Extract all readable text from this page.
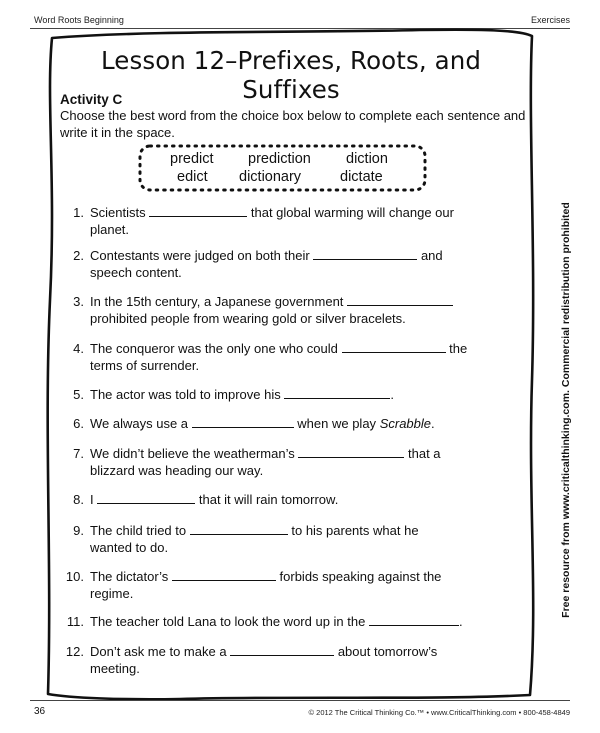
Word Roots Beginning	Exercises
Lesson 12–Prefixes, Roots, and Suffixes
Activity C
Choose the best word from the choice box below to complete each sentence and write it in the space.
predict prediction diction
edict dictionary	dictate
1. Scientists	that global warming will change our
planet.
2. Contestants were judged on both their	and
speech content.
3. In the 15th century, a Japanese government
prohibited people from wearing gold or silver bracelets.
4. The conqueror was the only one who could	the
terms of surrender.
5. The actor was told to improve his	.
6. We always use a	when we play Scrabble.
7. We didn’t believe the weatherman’s	that a
blizzard was heading our way.
8. I	that it will rain tomorrow.
9. The child tried to	to his parents what he
wanted to do.
10. The dictator’s	forbids speaking against the
regime.
11. The teacher told Lana to look the word up in the	.
12. Don’t ask me to make a	about tomorrow’s
meeting.
Free resource from www.criticalthinking.com. Commercial redistribution prohibited
36	© 2012 The Critical Thinking Co.™ • www.CriticalThinking.com • 800-458-4849
